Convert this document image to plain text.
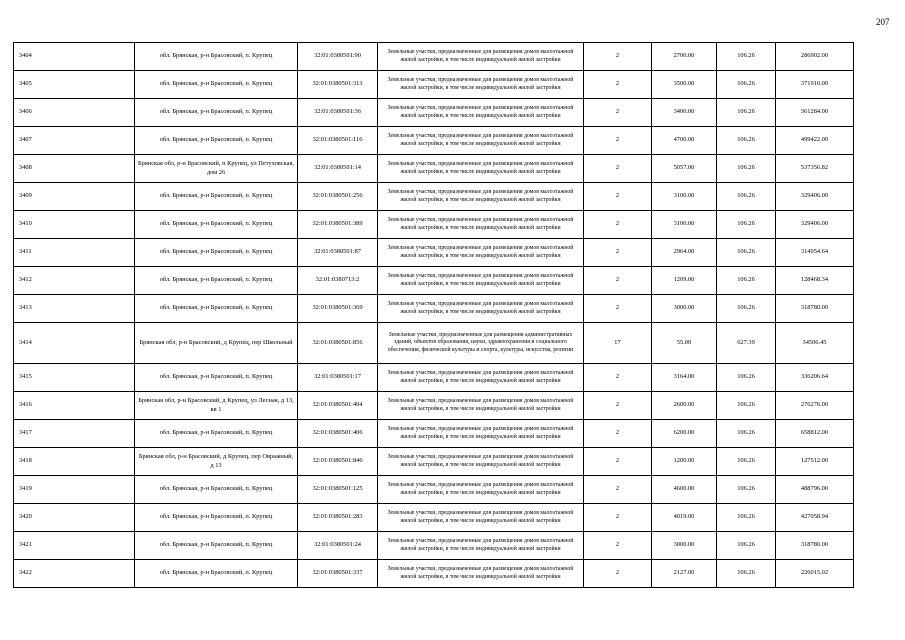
207
3404	обл. Брянская, р-н Брасовский, п. Крупец	32:01:0380501:90	Земельные участки, предназначенные для размещения домов малоэтажной жилой застройки, в том числе индивидуальной жилой застройки	2	2700.00	106.26	286902.00
3405	обл. Брянская, р-н Брасовский, п. Крупец	32:01:0380501:313	Земельные участки, предназначенные для размещения домов малоэтажной жилой застройки, в том числе индивидуальной жилой застройки	2	3500.00	106.26	371910.00
3406	обл. Брянская, р-н Брасовский, п. Крупец	32:01:0380501:36	Земельные участки, предназначенные для размещения домов малоэтажной жилой застройки, в том числе индивидуальной жилой застройки	2	3400.00	106.26	361284.00
3407	обл. Брянская, р-н Брасовский, п. Крупец	32:01:0380501:116	Земельные участки, предназначенные для размещения домов малоэтажной жилой застройки, в том числе индивидуальной жилой застройки	2	4700.00	106.26	499422.00
3408	Брянская обл, р-н Брасовский, п Крупец, ул Петуховская, дом 26	32:01:0380501:14	Земельные участки, предназначенные для размещения домов малоэтажной жилой застройки, в том числе индивидуальной жилой застройки	2	5057.00	106.26	537356.82
3409	обл. Брянская, р-н Брасовский, п. Крупец	32:01:0380501:256	Земельные участки, предназначенные для размещения домов малоэтажной жилой застройки, в том числе индивидуальной жилой застройки	2	3100.00	106.26	329406.00
3410	обл. Брянская, р-н Брасовский, п. Крупец	32:01:0380501:389	Земельные участки, предназначенные для размещения домов малоэтажной жилой застройки, в том числе индивидуальной жилой застройки	2	3100.00	106.26	329406.00
3411	обл. Брянская, р-н Брасовский, п. Крупец	32:01:0380501:87	Земельные участки, предназначенные для размещения домов малоэтажной жилой застройки, в том числе индивидуальной жилой застройки	2	2964.00	106.26	314954.64
3412	обл. Брянская, р-н Брасовский, п. Крупец	32:01:0380713:2	Земельные участки, предназначенные для размещения домов малоэтажной жилой застройки, в том числе индивидуальной жилой застройки	2	1209.00	106.26	128468.34
3413	обл. Брянская, р-н Брасовский, п. Крупец	32:01:0380501:369	Земельные участки, предназначенные для размещения домов малоэтажной жилой застройки, в том числе индивидуальной жилой застройки	2	3000.00	106.26	318780.00
3414	Брянская обл, р-н Брасовский, д Крупец, пер Школьный	32:01:0380501:856	Земельные участки, предназначенные для размещения административных зданий, объектов образования, науки, здравоохранения и социального обеспечения, физической культуры и спорта, культуры, искусства, религии	17	55.00	627.39	34506.45
3415	обл. Брянская, р-н Брасовский, п. Крупец	32:01:0380501:17	Земельные участки, предназначенные для размещения домов малоэтажной жилой застройки, в том числе индивидуальной жилой застройки	2	3164.00	106.26	336206.64
3416	Брянская обл, р-н Брасовский, д Крупец, ул Лесная, д 13, кв 1	32:01:0380501:494	Земельные участки, предназначенные для размещения домов малоэтажной жилой застройки, в том числе индивидуальной жилой застройки	2	2600.00	106.26	276276.00
3417	обл. Брянская, р-н Брасовский, п. Крупец	32:01:0380501:406	Земельные участки, предназначенные для размещения домов малоэтажной жилой застройки, в том числе индивидуальной жилой застройки	2	6200.00	106.26	658812.00
3418	Брянская обл, р-н Брасовский, д Крупец, пер Овражный, д 13	32:01:0380501:846	Земельные участки, предназначенные для размещения домов малоэтажной жилой застройки, в том числе индивидуальной жилой застройки	2	1200.00	106.26	127512.00
3419	обл. Брянская, р-н Брасовский, п. Крупец	32:01:0380501:125	Земельные участки, предназначенные для размещения домов малоэтажной жилой застройки, в том числе индивидуальной жилой застройки	2	4600.00	106.26	488796.00
3420	обл. Брянская, р-н Брасовский, п. Крупец	32:01:0380501:283	Земельные участки, предназначенные для размещения домов малоэтажной жилой застройки, в том числе индивидуальной жилой застройки	2	4019.00	106.26	427058.94
3421	обл. Брянская, р-н Брасовский, п. Крупец	32:01:0380501:24	Земельные участки, предназначенные для размещения домов малоэтажной жилой застройки, в том числе индивидуальной жилой застройки	2	3000.00	106.26	318780.00
3422	обл. Брянская, р-н Брасовский, п. Крупец	32:01:0380501:337	Земельные участки, предназначенные для размещения домов малоэтажной жилой застройки, в том числе индивидуальной жилой застройки	2	2127.00	106.26	226015.02
